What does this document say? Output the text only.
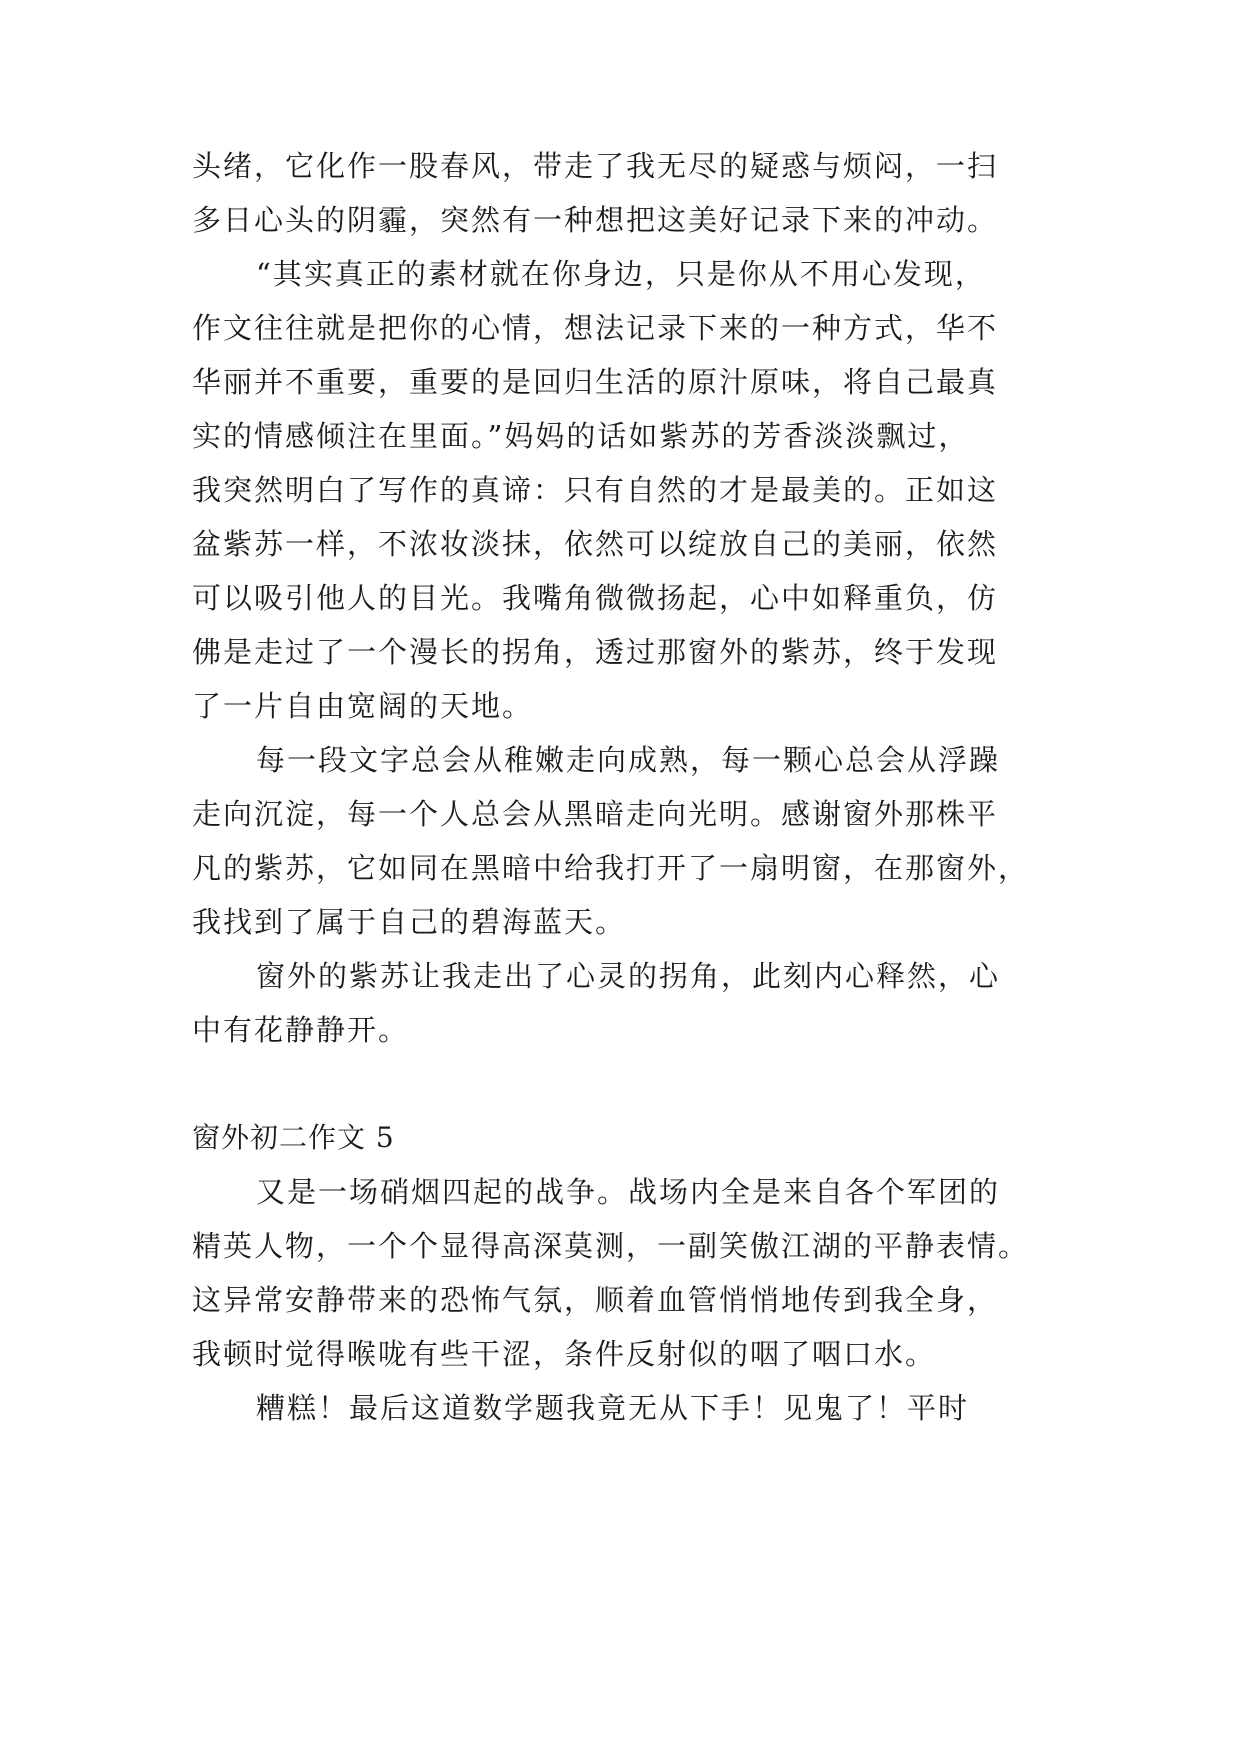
头绪，它化作一股春风，带走了我无尽的疑惑与烦闷，一扫
多日心头的阴霾，突然有一种想把这美好记录下来的冲动。
“其实真正的素材就在你身边，只是你从不用心发现，
作文往往就是把你的心情，想法记录下来的一种方式，华不
华丽并不重要，重要的是回归生活的原汁原味，将自己最真
实的情感倾注在里面。”妈妈的话如紫苏的芳香淡淡飘过，
我突然明白了写作的真谛：只有自然的才是最美的。正如这
盆紫苏一样，不浓妆淡抹，依然可以绽放自己的美丽，依然
可以吸引他人的目光。我嘴角微微扬起，心中如释重负，仿
佛是走过了一个漫长的拐角，透过那窗外的紫苏，终于发现
了一片自由宽阔的天地。
每一段文字总会从稚嫩走向成熟，每一颗心总会从浮躁
走向沉淀，每一个人总会从黑暗走向光明。感谢窗外那株平
凡的紫苏，它如同在黑暗中给我打开了一扇明窗，在那窗外，
我找到了属于自己的碧海蓝天。
窗外的紫苏让我走出了心灵的拐角，此刻内心释然，心
中有花静静开。
窗外初二作文 5
又是一场硝烟四起的战争。战场内全是来自各个军团的
精英人物，一个个显得高深莫测，一副笑傲江湖的平静表情。
这异常安静带来的恐怖气氛，顺着血管悄悄地传到我全身，
我顿时觉得喉咙有些干涩，条件反射似的咽了咽口水。
糟糕！最后这道数学题我竟无从下手！见鬼了！平时
